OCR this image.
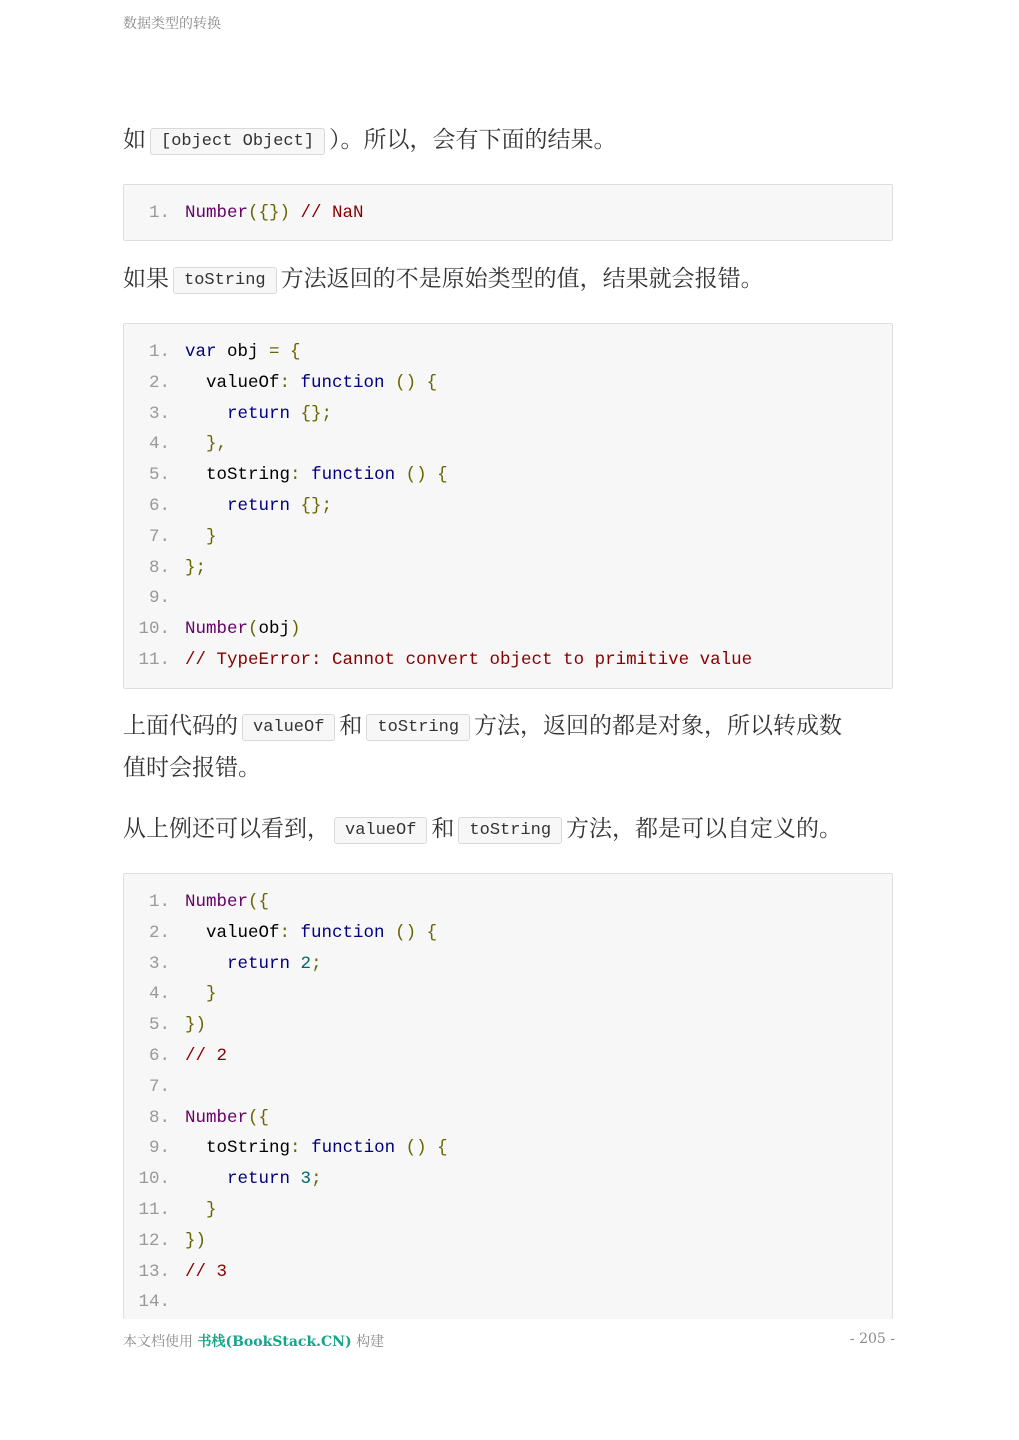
数据类型的转换
如 [object Object] ）。所以，会有下面的结果。
1. Number({}) // NaN
如果 toString 方法返回的不是原始类型的值，结果就会报错。
1. var obj = {
2. valueOf: function () {
3.	return {};
4.	},
5. toString: function () {
6.	return {};
7.	}
8. };
9.
10. Number(obj)
11. // TypeError: Cannot convert object to primitive value
上面代码的 valueOf 和 toString 方法，返回的都是对象，所以转成数
值时会报错。
从上例还可以看到， valueOf 和 toString 方法，都是可以自定义的。
1. Number({
2. valueOf: function () {
3.	return 2;
4.	}
5. })
6. // 2
7.
8. Number({
9. toString: function () {
10.	return 3;
11.	}
12. })
13. // 3
14.
本文档使用 书栈(BookStack.CN) 构建	- 205 -
